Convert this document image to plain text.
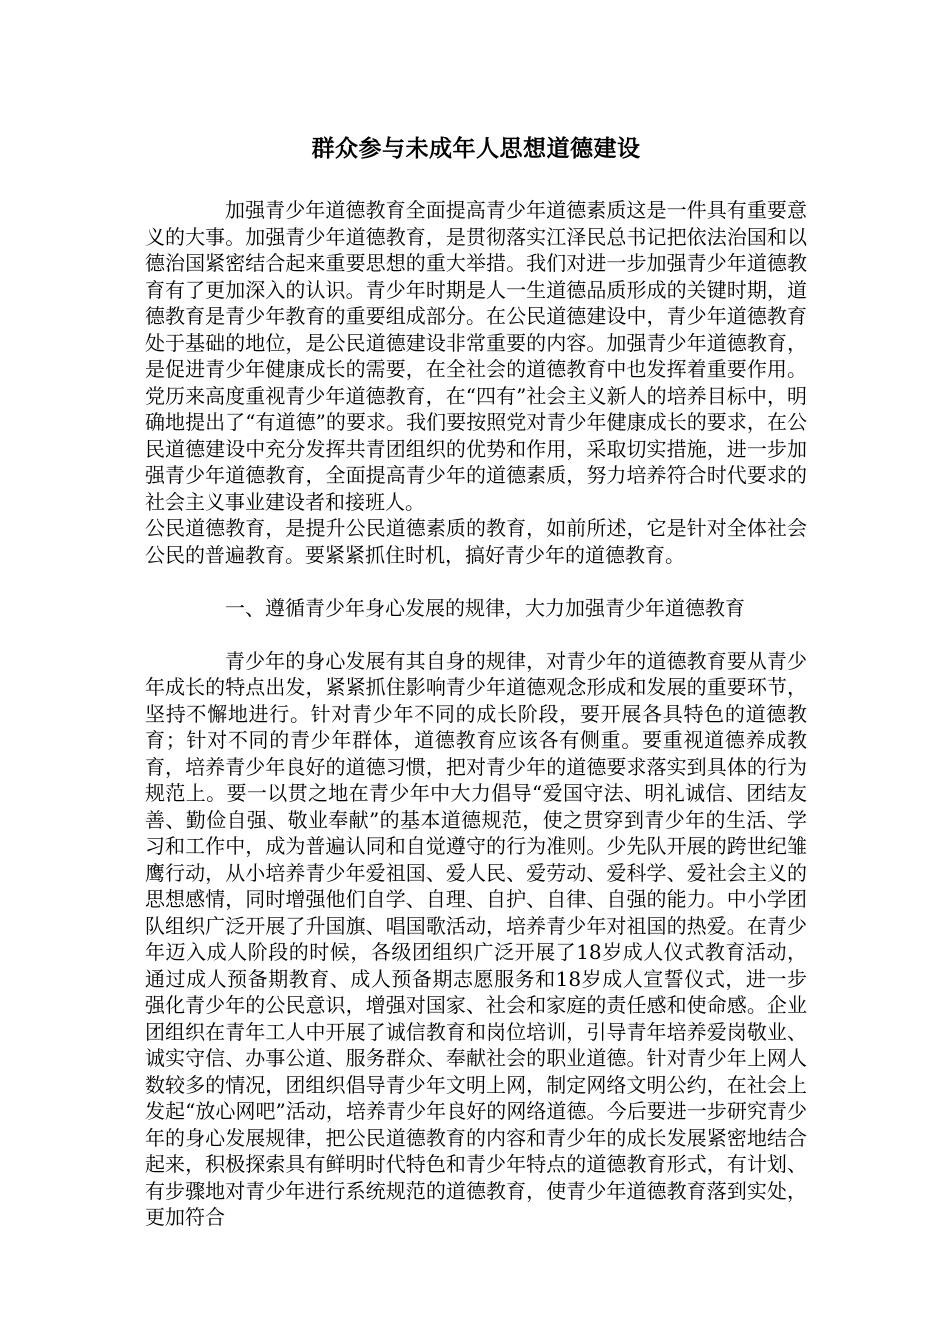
群众参与未成年人思想道德建设

加强青少年道德教育全面提高青少年道德素质这是一件具有重要意义的大事。加强青少年道德教育，是贯彻落实江泽民总书记把依法治国和以德治国紧密结合起来重要思想的重大举措。我们对进一步加强青少年道德教育有了更加深入的认识。青少年时期是人一生道德品质形成的关键时期，道德教育是青少年教育的重要组成部分。在公民道德建设中，青少年道德教育处于基础的地位，是公民道德建设非常重要的内容。加强青少年道德教育，是促进青少年健康成长的需要，在全社会的道德教育中也发挥着重要作用。党历来高度重视青少年道德教育，在“四有”社会主义新人的培养目标中，明确地提出了“有道德”的要求。我们要按照党对青少年健康成长的要求，在公民道德建设中充分发挥共青团组织的优势和作用，采取切实措施，进一步加强青少年道德教育，全面提高青少年的道德素质，努力培养符合时代要求的社会主义事业建设者和接班人。

公民道德教育，是提升公民道德素质的教育，如前所述，它是针对全体社会公民的普遍教育。要紧紧抓住时机，搞好青少年的道德教育。

一、遵循青少年身心发展的规律，大力加强青少年道德教育

青少年的身心发展有其自身的规律，对青少年的道德教育要从青少年成长的特点出发，紧紧抓住影响青少年道德观念形成和发展的重要环节，坚持不懈地进行。针对青少年不同的成长阶段，要开展各具特色的道德教育；针对不同的青少年群体，道德教育应该各有侧重。要重视道德养成教育，培养青少年良好的道德习惯，把对青少年的道德要求落实到具体的行为规范上。要一以贯之地在青少年中大力倡导“爱国守法、明礼诚信、团结友善、勤俭自强、敬业奉献”的基本道德规范，使之贯穿到青少年的生活、学习和工作中，成为普遍认同和自觉遵守的行为准则。少先队开展的跨世纪雏鹰行动，从小培养青少年爱祖国、爱人民、爱劳动、爱科学、爱社会主义的思想感情，同时增强他们自学、自理、自护、自律、自强的能力。中小学团队组织广泛开展了升国旗、唱国歌活动，培养青少年对祖国的热爱。在青少年迈入成人阶段的时候，各级团组织广泛开展了18岁成人仪式教育活动，通过成人预备期教育、成人预备期志愿服务和18岁成人宣誓仪式，进一步强化青少年的公民意识，增强对国家、社会和家庭的责任感和使命感。企业团组织在青年工人中开展了诚信教育和岗位培训，引导青年培养爱岗敬业、诚实守信、办事公道、服务群众、奉献社会的职业道德。针对青少年上网人数较多的情况，团组织倡导青少年文明上网，制定网络文明公约，在社会上发起“放心网吧”活动，培养青少年良好的网络道德。今后要进一步研究青少年的身心发展规律，把公民道德教育的内容和青少年的成长发展紧密地结合起来，积极探索具有鲜明时代特色和青少年特点的道德教育形式，有计划、有步骤地对青少年进行系统规范的道德教育，使青少年道德教育落到实处，更加符合
